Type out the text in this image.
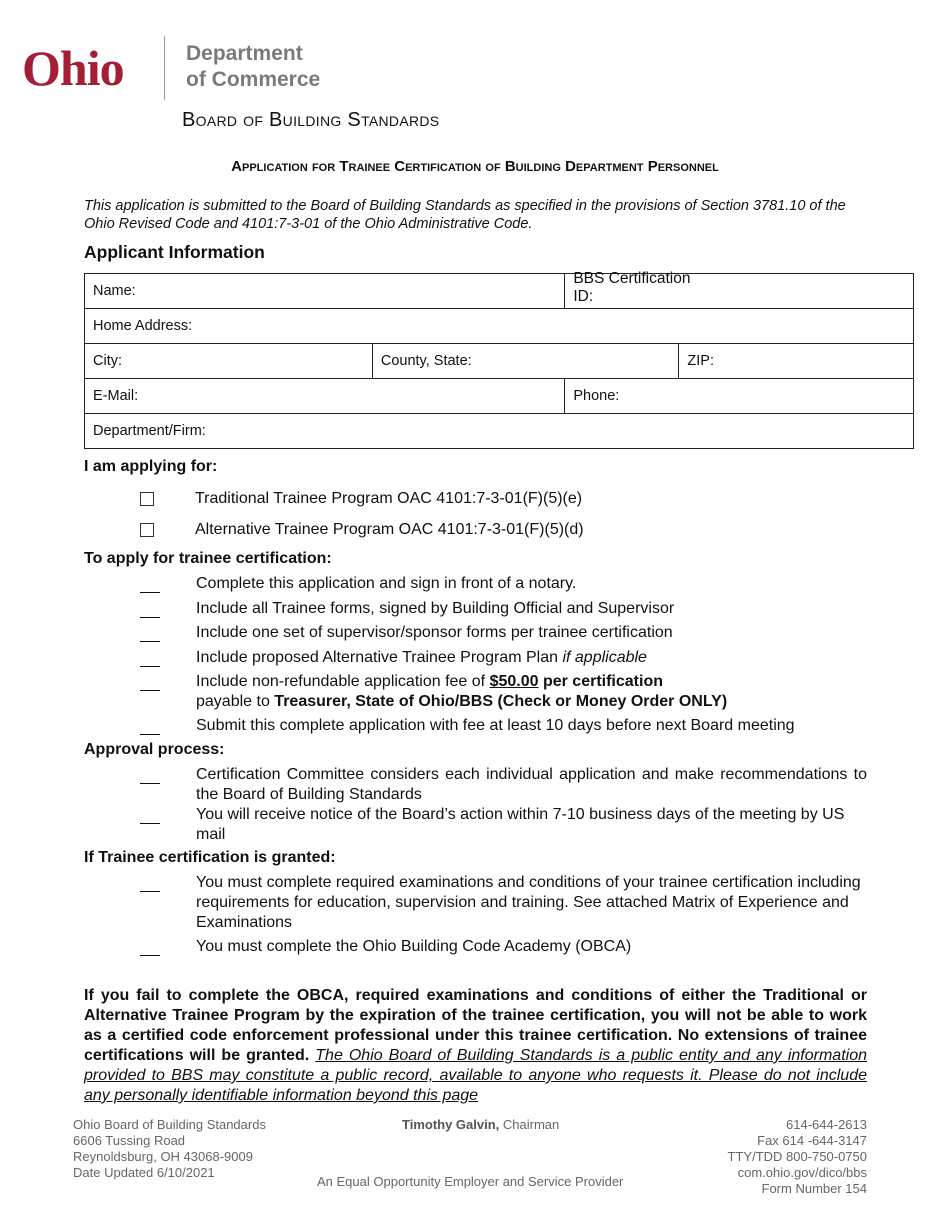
Ohio	Department
of Commerce
Board of Building Standards
Application for Trainee Certification of Building Department Personnel
This application is submitted to the Board of Building Standards as specified in the provisions of Section 3781.10 of the Ohio Revised Code and 4101:7-3-01 of the Ohio Administrative Code.
Applicant Information
Name:		BBS Certification ID:	

Home Address:			

City:	County, State:		ZIP:

E-Mail:		Phone:	

Department/Firm:			
I am applying for:
Traditional Trainee Program OAC 4101:7-3-01(F)(5)(e)
Alternative Trainee Program OAC 4101:7-3-01(F)(5)(d)
To apply for trainee certification:
Complete this application and sign in front of a notary.
Include all Trainee forms, signed by Building Official and Supervisor
Include one set of supervisor/sponsor forms per trainee certification
Include proposed Alternative Trainee Program Plan if applicable
Include non-refundable application fee of $50.00 per certification
payable to Treasurer, State of Ohio/BBS (Check or Money Order ONLY)
Submit this complete application with fee at least 10 days before next Board meeting
Approval process:
Certification Committee considers each individual application and make recommendations to the Board of Building Standards
You will receive notice of the Board’s action within 7-10 business days of the meeting by US mail
If Trainee certification is granted:
You must complete required examinations and conditions of your trainee certification including requirements for education, supervision and training. See attached Matrix of Experience and Examinations
You must complete the Ohio Building Code Academy (OBCA)
If you fail to complete the OBCA, required examinations and conditions of either the Traditional or Alternative Trainee Program by the expiration of the trainee certification, you will not be able to work as a certified code enforcement professional under this trainee certification. No extensions of trainee certifications will be granted. The Ohio Board of Building Standards is a public entity and any information provided to BBS may constitute a public record, available to anyone who requests it. Please do not include any personally identifiable information beyond this page
Ohio Board of Building Standards
6606 Tussing Road
Reynoldsburg, OH 43068-9009
Date Updated 6/10/2021
Timothy Galvin, Chairman
An Equal Opportunity Employer and Service Provider
614-644-2613
Fax 614 -644-3147
TTY/TDD 800-750-0750
com.ohio.gov/dico/bbs
Form Number 154
